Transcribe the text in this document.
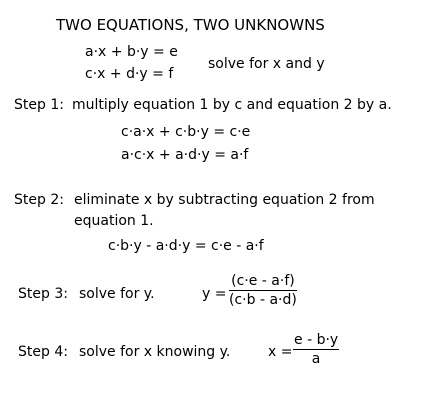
TWO EQUATIONS, TWO UNKNOWNS
a·x + b·y = e
c·x + d·y = f
solve for x and y
Step 1: multiply equation 1 by c and equation 2 by a.
c·a·x + c·b·y = c·e
a·c·x + a·d·y = a·f
Step 2: eliminate x by subtracting equation 2 from
equation 1.
c·b·y - a·d·y = c·e - a·f
Step 3: solve for y.	y =
(c·e - a·f)
(c·b - a·d)
Step 4: solve for x knowing y.	x =
e - b·y
a
